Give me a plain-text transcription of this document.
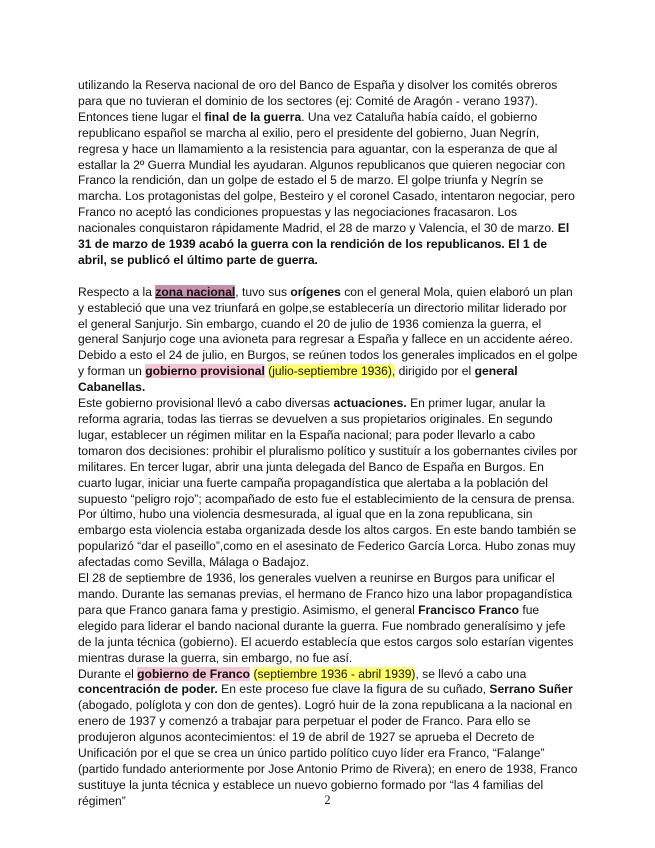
utilizando la Reserva nacional de oro del Banco de España y disolver los comités obreros para que no tuvieran el dominio de los sectores (ej: Comité de Aragón - verano 1937).

Entonces tiene lugar el final de la guerra. Una vez Cataluña había caído, el gobierno republicano español se marcha al exilio, pero el presidente del gobierno, Juan Negrín, regresa y hace un llamamiento a la resistencia para aguantar, con la esperanza de que al estallar la 2º Guerra Mundial les ayudaran. Algunos republicanos que quieren negociar con Franco la rendición, dan un golpe de estado el 5 de marzo. El golpe triunfa y Negrín se marcha. Los protagonistas del golpe, Besteiro y el coronel Casado, intentaron negociar, pero Franco no aceptó las condiciones propuestas y las negociaciones fracasaron. Los nacionales conquistaron rápidamente Madrid, el 28 de marzo y Valencia, el 30 de marzo. El 31 de marzo de 1939 acabó la guerra con la rendición de los republicanos. El 1 de abril, se publicó el último parte de guerra.

Respecto a la zona nacional, tuvo sus orígenes con el general Mola, quien elaboró un plan y estableció que una vez triunfará en golpe,se establecería un directorio militar liderado por el general Sanjurjo. Sin embargo, cuando el 20 de julio de 1936 comienza la guerra, el general Sanjurjo coge una avioneta para regresar a España y fallece en un accidente aéreo. Debido a esto el 24 de julio, en Burgos, se reúnen todos los generales implicados en el golpe y forman un gobierno provisional (julio-septiembre 1936), dirigido por el general Cabanellas.

Este gobierno provisional llevó a cabo diversas actuaciones. En primer lugar, anular la reforma agraria, todas las tierras se devuelven a sus propietarios originales. En segundo lugar, establecer un régimen militar en la España nacional; para poder llevarlo a cabo tomaron dos decisiones: prohibir el pluralismo político y sustituír a los gobernantes civiles por militares. En tercer lugar, abrir una junta delegada del Banco de España en Burgos. En cuarto lugar, iniciar una fuerte campaña propagandística que alertaba a la población del supuesto “peligro rojo”; acompañado de esto fue el establecimiento de la censura de prensa. Por último, hubo una violencia desmesurada, al igual que en la zona republicana, sin embargo esta violencia estaba organizada desde los altos cargos. En este bando también se popularizó “dar el paseillo”,como en el asesinato de Federico García Lorca. Hubo zonas muy afectadas como Sevilla, Málaga o Badajoz.

El 28 de septiembre de 1936, los generales vuelven a reunirse en Burgos para unificar el mando. Durante las semanas previas, el hermano de Franco hizo una labor propagandística para que Franco ganara fama y prestigio. Asimismo, el general Francisco Franco fue elegido para liderar el bando nacional durante la guerra. Fue nombrado generalísimo y jefe de la junta técnica (gobierno). El acuerdo establecía que estos cargos solo estarían vigentes mientras durase la guerra, sin embargo, no fue así.

Durante el gobierno de Franco (septiembre 1936 - abril 1939), se llevó a cabo una concentración de poder. En este proceso fue clave la figura de su cuñado, Serrano Suñer (abogado, políglota y con don de gentes). Logró huir de la zona republicana a la nacional en enero de 1937 y comenzó a trabajar para perpetuar el poder de Franco. Para ello se produjeron algunos acontecimientos: el 19 de abril de 1927 se aprueba el Decreto de Unificación por el que se crea un único partido político cuyo líder era Franco, “Falange” (partido fundado anteriormente por Jose Antonio Primo de Rivera); en enero de 1938, Franco sustituye la junta técnica y establece un nuevo gobierno formado por “las 4 familias del régimen”	2
